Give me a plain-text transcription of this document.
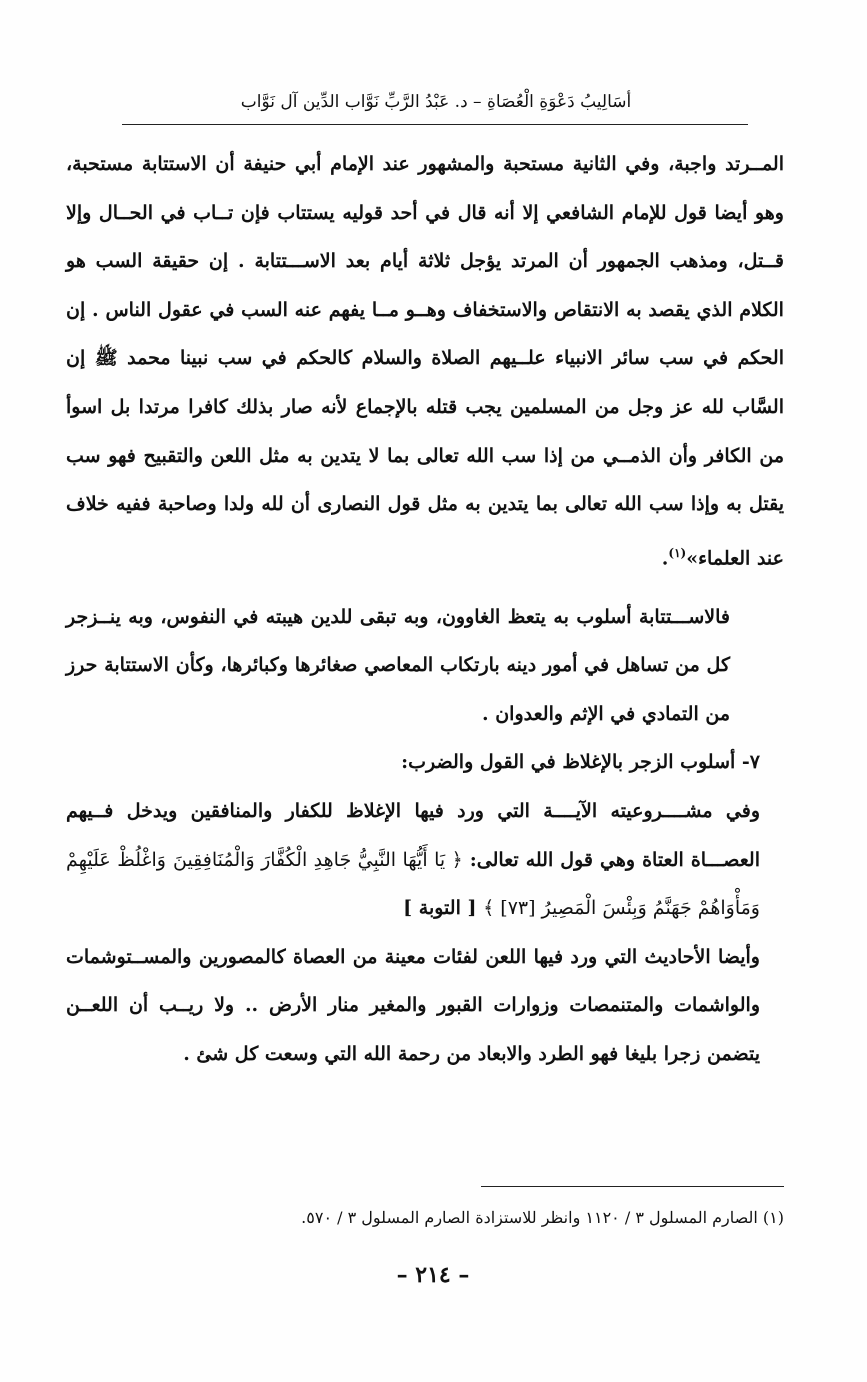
أسَالِيبُ دَعْوَةِ الْعُصَاةِ – د. عَبْدُ الرَّبِّ نَوَّاب الدِّين آل نَوَّاب

المــرتد واجبة، وفي الثانية مستحبة والمشهور عند الإمام أبي حنيفة أن الاستتابة مستحبة، وهو أيضا قول للإمام الشافعي إلا أنه قال في أحد قوليه يستتاب فإن تــاب في الحــال وإلا قــتل، ومذهب الجمهور أن المرتد يؤجل ثلاثة أيام بعد الاســـتتابة . إن حقيقة السب هو الكلام الذي يقصد به الانتقاص والاستخفاف وهــو مــا يفهم عنه السب في عقول الناس . إن الحكم في سب سائر الانبياء علــيهم الصلاة والسلام كالحكم في سب نبينا محمد ﷺ إن السَّاب لله عز وجل من المسلمين يجب قتله بالإجماع لأنه صار بذلك كافرا مرتدا بل اسوأ من الكافر وأن الذمــي من إذا سب الله تعالى بما لا يتدين به مثل اللعن والتقبيح فهو سب يقتل به وإذا سب الله تعالى بما يتدين به مثل قول النصارى أن لله ولدا وصاحبة ففيه خلاف عند العلماء»$^{(١)}$.

فالاســـتتابة أسلوب به يتعظ الغاوون، وبه تبقى للدين هيبته في النفوس، وبه ينــزجر كل من تساهل في أمور دينه بارتكاب المعاصي صغائرها وكبائرها، وكأن الاستتابة حرز من التمادي في الإثم والعدوان .

٧- أسلوب الزجر بالإغلاظ في القول والضرب:

وفي مشــــروعيته الآيــــة التي ورد فيها الإغلاظ للكفار والمنافقين ويدخل فــيهم العصـــاة العتاة وهي قول الله تعالى: ﴿ يَا أَيُّهَا النَّبِيُّ جَاهِدِ الْكُفَّارَ وَالْمُنَافِقِينَ وَاغْلُظْ عَلَيْهِمْ وَمَأْوَاهُمْ جَهَنَّمُ وَبِئْسَ الْمَصِيرُ [٧٣] ﴾ [ التوبة ]

وأيضا الأحاديث التي ورد فيها اللعن لفئات معينة من العصاة كالمصورين والمســتوشمات والواشمات والمتنمصات وزوارات القبور والمغير منار الأرض .. ولا ريــب أن اللعــن يتضمن زجرا بليغا فهو الطرد والابعاد من رحمة الله التي وسعت كل شئ .

(١) الصارم المسلول ٣ / ١١٢٠ وانظر للاستزادة الصارم المسلول ٣ / ٥٧٠.
– ٢١٤ –
